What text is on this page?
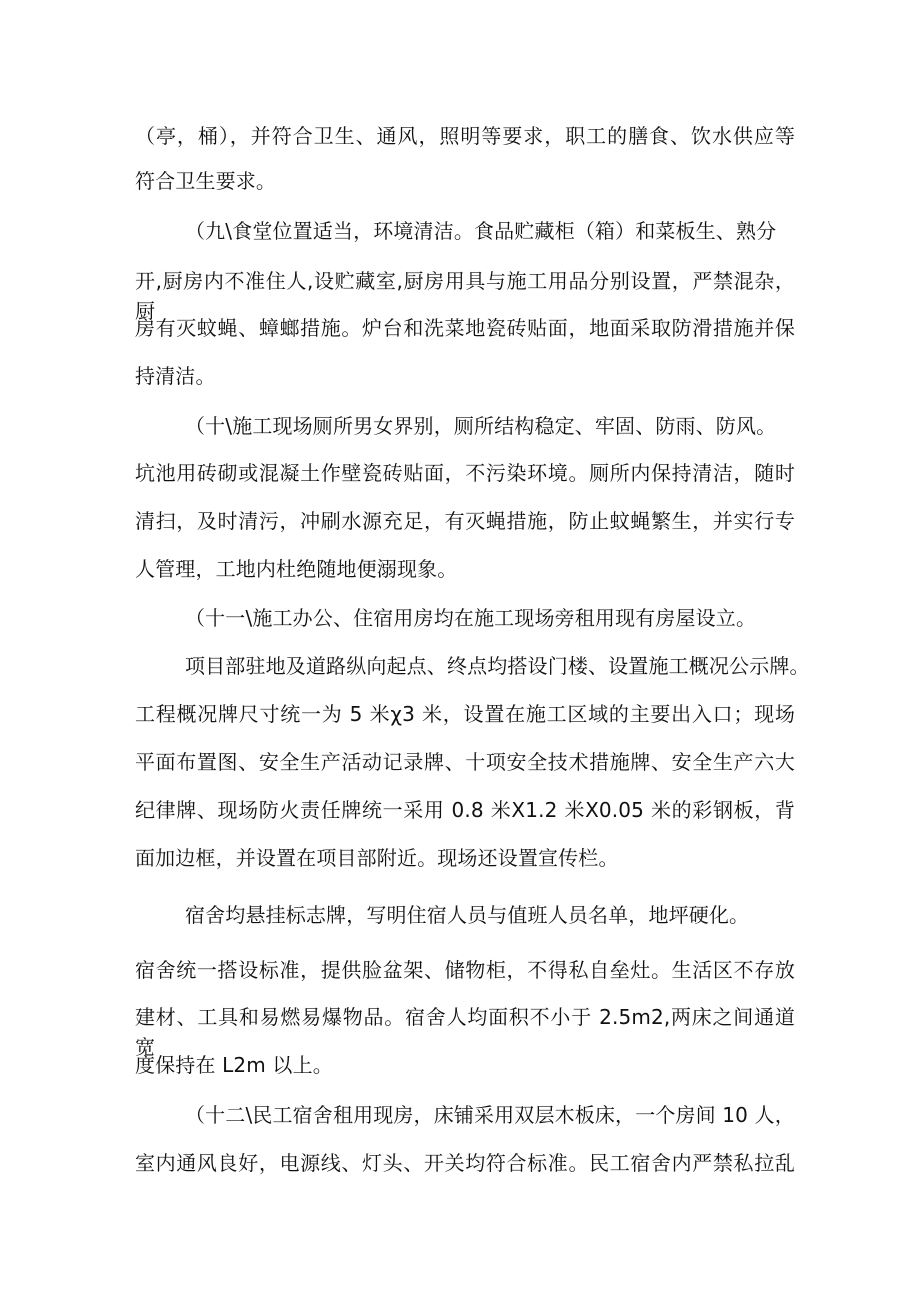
（亭，桶），并符合卫生、通风，照明等要求，职工的膳食、饮水供应等

符合卫生要求。

（九\食堂位置适当，环境清洁。食品贮藏柜（箱）和菜板生、熟分

开,厨房内不准住人,设贮藏室,厨房用具与施工用品分别设置，严禁混杂，厨

房有灭蚊蝇、蟑螂措施。炉台和洗菜地瓷砖贴面，地面采取防滑措施并保

持清洁。

（十\施工现场厕所男女界别，厕所结构稳定、牢固、防雨、防风。

坑池用砖砌或混凝土作壁瓷砖贴面，不污染环境。厕所内保持清洁，随时

清扫，及时清污，冲刷水源充足，有灭蝇措施，防止蚊蝇繁生，并实行专

人管理，工地内杜绝随地便溺现象。

（十一\施工办公、住宿用房均在施工现场旁租用现有房屋设立。

项目部驻地及道路纵向起点、终点均搭设门楼、设置施工概况公示牌。

工程概况牌尺寸统一为 5 米χ3 米，设置在施工区域的主要出入口；现场

平面布置图、安全生产活动记录牌、十项安全技术措施牌、安全生产六大

纪律牌、现场防火责任牌统一采用 0.8 米X1.2 米X0.05 米的彩钢板，背

面加边框，并设置在项目部附近。现场还设置宣传栏。

宿舍均悬挂标志牌，写明住宿人员与值班人员名单，地坪硬化。

宿舍统一搭设标准，提供脸盆架、储物柜，不得私自垒灶。生活区不存放

建材、工具和易燃易爆物品。宿舍人均面积不小于 2.5m2,两床之间通道宽

度保持在 L2m 以上。

（十二\民工宿舍租用现房，床铺采用双层木板床，一个房间 10 人，

室内通风良好，电源线、灯头、开关均符合标准。民工宿舍内严禁私拉乱
